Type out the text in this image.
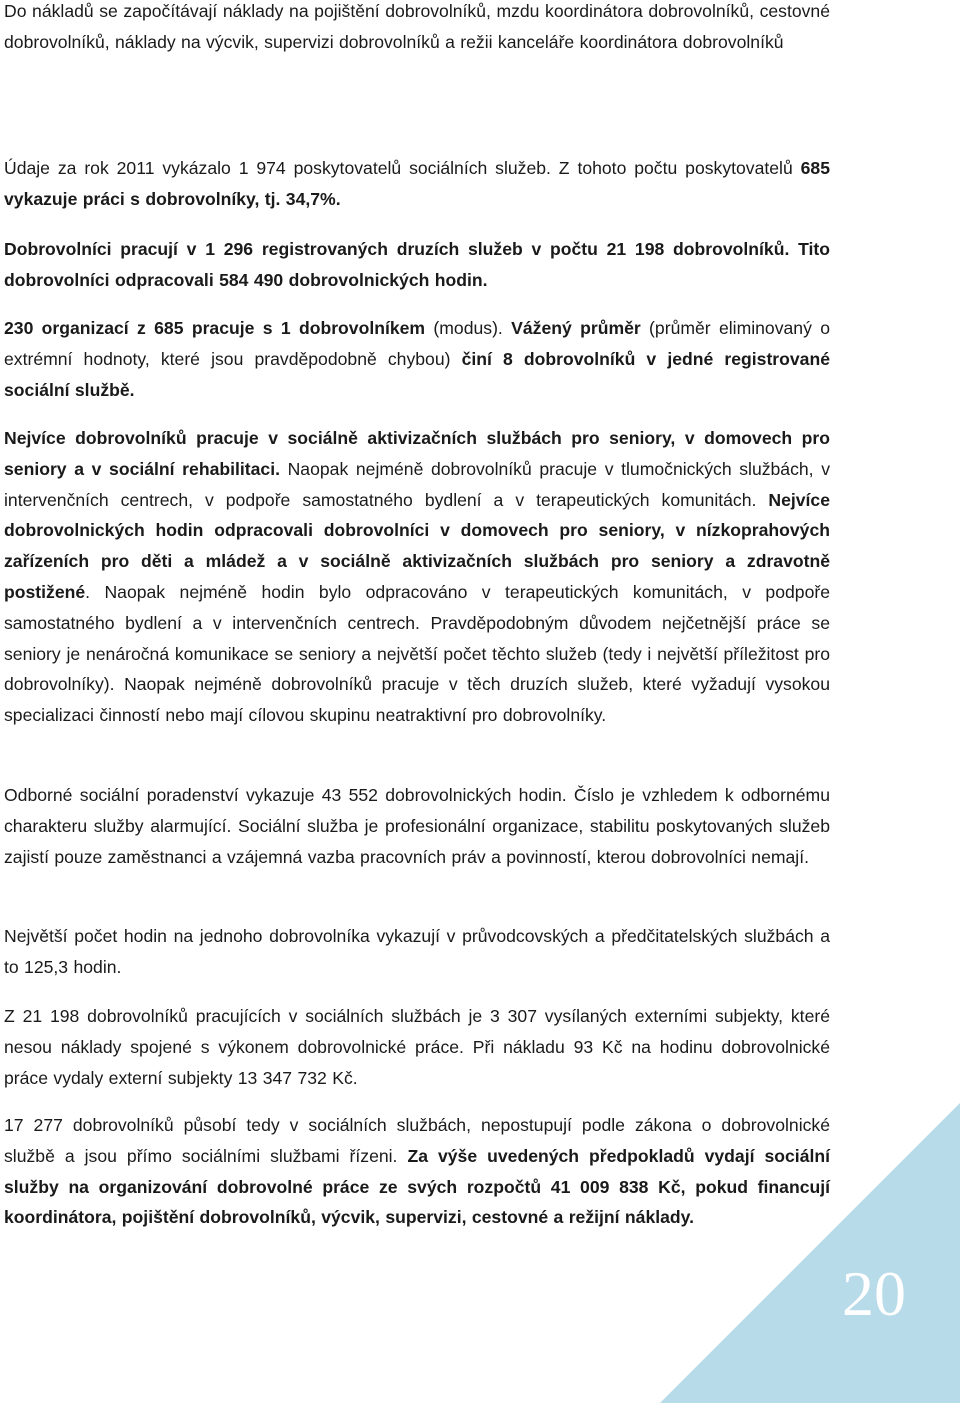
20

Do nákladů se započítávají náklady na pojištění dobrovolníků, mzdu koordinátora dobrovolníků, cestovné dobrovolníků, náklady na výcvik, supervizi dobrovolníků a režii kanceláře koordinátora dobrovolníků

Údaje za rok 2011 vykázalo 1 974 poskytovatelů sociálních služeb. Z tohoto počtu poskytovatelů 685 vykazuje práci s dobrovolníky, tj. 34,7%.

Dobrovolníci pracují v 1 296 registrovaných druzích služeb v počtu 21 198 dobrovolníků. Tito dobrovolníci odpracovali 584 490 dobrovolnických hodin.

230 organizací z 685 pracuje s 1 dobrovolníkem (modus). Vážený průměr (průměr eliminovaný o extrémní hodnoty, které jsou pravděpodobně chybou) činí 8 dobrovolníků v jedné registrované sociální službě.

Nejvíce dobrovolníků pracuje v sociálně aktivizačních službách pro seniory, v domovech pro seniory a v sociální rehabilitaci. Naopak nejméně dobrovolníků pracuje v tlumočnických službách, v intervenčních centrech, v podpoře samostatného bydlení a v terapeutických komunitách. Nejvíce dobrovolnických hodin odpracovali dobrovolníci v domovech pro seniory, v nízkoprahových zařízeních pro děti a mládež a v sociálně aktivizačních službách pro seniory a zdravotně postižené. Naopak nejméně hodin bylo odpracováno v terapeutických komunitách, v podpoře samostatného bydlení a v intervenčních centrech. Pravděpodobným důvodem nejčetnější práce se seniory je nenáročná komunikace se seniory a největší počet těchto služeb (tedy i největší příležitost pro dobrovolníky). Naopak nejméně dobrovolníků pracuje v těch druzích služeb, které vyžadují vysokou specializaci činností nebo mají cílovou skupinu neatraktivní pro dobrovolníky.

Odborné sociální poradenství vykazuje 43 552 dobrovolnických hodin. Číslo je vzhledem k odbornému charakteru služby alarmující. Sociální služba je profesionální organizace, stabilitu poskytovaných služeb zajistí pouze zaměstnanci a vzájemná vazba pracovních práv a povinností, kterou dobrovolníci nemají.

Největší počet hodin na jednoho dobrovolníka vykazují v průvodcovských a předčitatelských službách a to 125,3 hodin.

Z 21 198 dobrovolníků pracujících v sociálních službách je 3 307 vysílaných externími subjekty, které nesou náklady spojené s výkonem dobrovolnické práce. Při nákladu 93 Kč na hodinu dobrovolnické práce vydaly externí subjekty 13 347 732 Kč.

17 277 dobrovolníků působí tedy v sociálních službách, nepostupují podle zákona o dobrovolnické službě a jsou přímo sociálními službami řízeni. Za výše uvedených předpokladů vydají sociální služby na organizování dobrovolné práce ze svých rozpočtů 41 009 838 Kč, pokud financují koordinátora, pojištění dobrovolníků, výcvik, supervizi, cestovné a režijní náklady.
